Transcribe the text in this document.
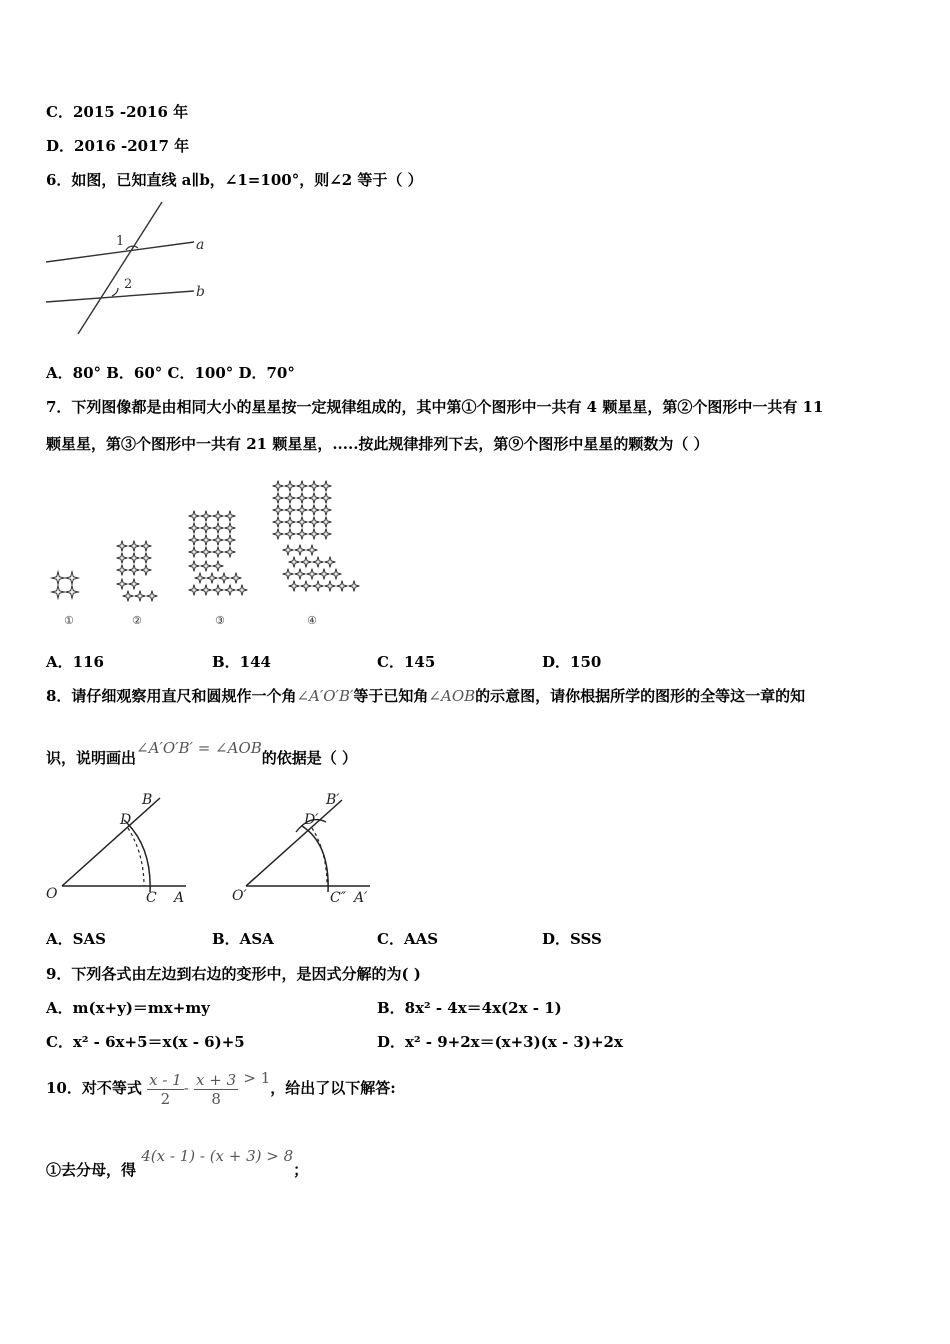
C．2015 -2016 年
D．2016 -2017 年
6．如图，已知直线 a∥b，∠1=100°，则∠2 等于（ ）
1
2
a
b
A．80° B．60° C．100° D．70°
7．下列图像都是由相同大小的星星按一定规律组成的，其中第①个图形中一共有 4 颗星星，第②个图形中一共有 11
颗星星，第③个图形中一共有 21 颗星星，.....按此规律排列下去，第⑨个图形中星星的颗数为（ ）
①	②	③	④
A．116	B．144	C．145	D．150
8．请仔细观察用直尺和圆规作一个角∠A′O′B′等于已知角∠AOB的示意图，请你根据所学的图形的全等这一章的知
识，说明画出∠A′O′B′ = ∠AOB的依据是（ ）
O	C A
B
D
O′	C″ A′
B′
D′
A．SAS	B．ASA	C．AAS	D．SSS
9．下列各式由左边到右边的变形中，是因式分解的为( )
A．m(x+y)＝mx+my	B．8x² - 4x＝4x(2x - 1)
C．x² - 6x+5＝x(x - 6)+5	D．x² - 9+2x＝(x+3)(x - 3)+2x
10．对不等式 $\frac{x - 1}{2} - \frac{x + 3}{8} > 1$，给出了以下解答:
①去分母，得 4(x - 1) - (x + 3) > 8；
